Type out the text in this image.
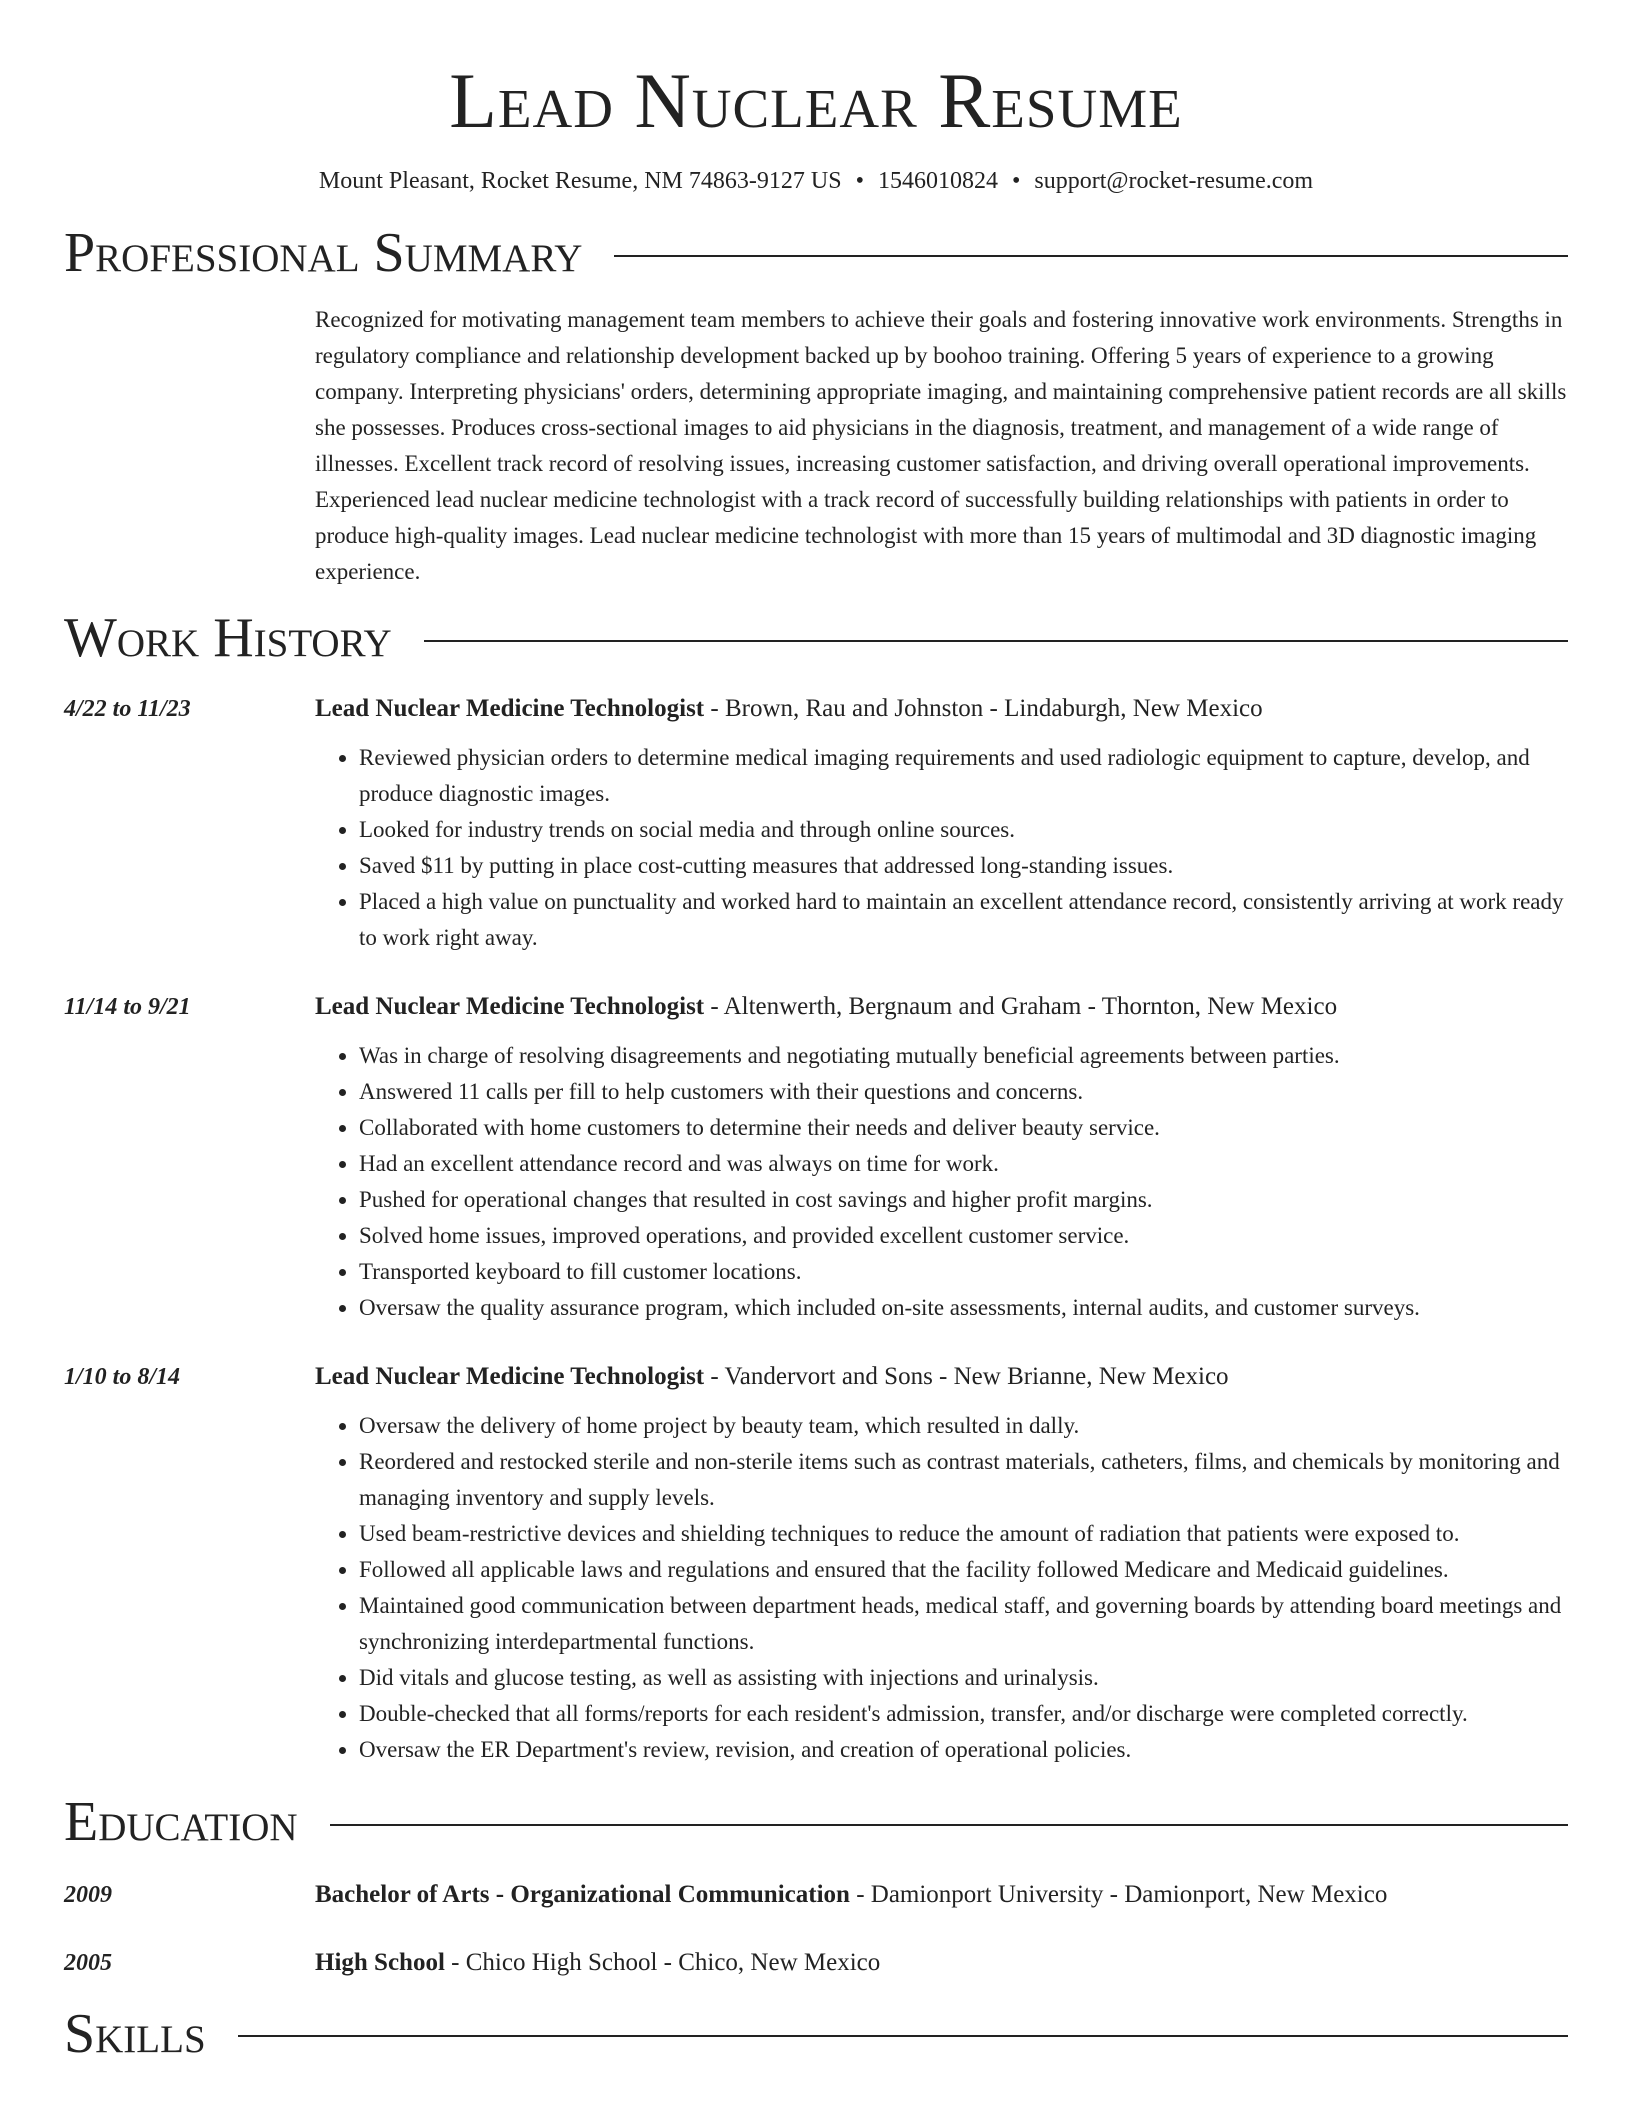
Lead Nuclear Resume
Mount Pleasant, Rocket Resume, NM 74863-9127 US • 1546010824 • support@rocket-resume.com
Professional Summary
Recognized for motivating management team members to achieve their goals and fostering innovative work environments. Strengths in regulatory compliance and relationship development backed up by boohoo training. Offering 5 years of experience to a growing company. Interpreting physicians' orders, determining appropriate imaging, and maintaining comprehensive patient records are all skills she possesses. Produces cross-sectional images to aid physicians in the diagnosis, treatment, and management of a wide range of illnesses. Excellent track record of resolving issues, increasing customer satisfaction, and driving overall operational improvements. Experienced lead nuclear medicine technologist with a track record of successfully building relationships with patients in order to produce high-quality images. Lead nuclear medicine technologist with more than 15 years of multimodal and 3D diagnostic imaging experience.
Work History
4/22 to 11/23	Lead Nuclear Medicine Technologist - Brown, Rau and Johnston - Lindaburgh, New Mexico
• Reviewed physician orders to determine medical imaging requirements and used radiologic equipment to capture, develop, and produce diagnostic images.
• Looked for industry trends on social media and through online sources.
• Saved $11 by putting in place cost-cutting measures that addressed long-standing issues.
• Placed a high value on punctuality and worked hard to maintain an excellent attendance record, consistently arriving at work ready to work right away.
11/14 to 9/21	Lead Nuclear Medicine Technologist - Altenwerth, Bergnaum and Graham - Thornton, New Mexico
• Was in charge of resolving disagreements and negotiating mutually beneficial agreements between parties.
• Answered 11 calls per fill to help customers with their questions and concerns.
• Collaborated with home customers to determine their needs and deliver beauty service.
• Had an excellent attendance record and was always on time for work.
• Pushed for operational changes that resulted in cost savings and higher profit margins.
• Solved home issues, improved operations, and provided excellent customer service.
• Transported keyboard to fill customer locations.
• Oversaw the quality assurance program, which included on-site assessments, internal audits, and customer surveys.
1/10 to 8/14	Lead Nuclear Medicine Technologist - Vandervort and Sons - New Brianne, New Mexico
• Oversaw the delivery of home project by beauty team, which resulted in dally.
• Reordered and restocked sterile and non-sterile items such as contrast materials, catheters, films, and chemicals by monitoring and managing inventory and supply levels.
• Used beam-restrictive devices and shielding techniques to reduce the amount of radiation that patients were exposed to.
• Followed all applicable laws and regulations and ensured that the facility followed Medicare and Medicaid guidelines.
• Maintained good communication between department heads, medical staff, and governing boards by attending board meetings and synchronizing interdepartmental functions.
• Did vitals and glucose testing, as well as assisting with injections and urinalysis.
• Double-checked that all forms/reports for each resident's admission, transfer, and/or discharge were completed correctly.
• Oversaw the ER Department's review, revision, and creation of operational policies.
Education
2009	Bachelor of Arts - Organizational Communication - Damionport University - Damionport, New Mexico
2005	High School - Chico High School - Chico, New Mexico
Skills
